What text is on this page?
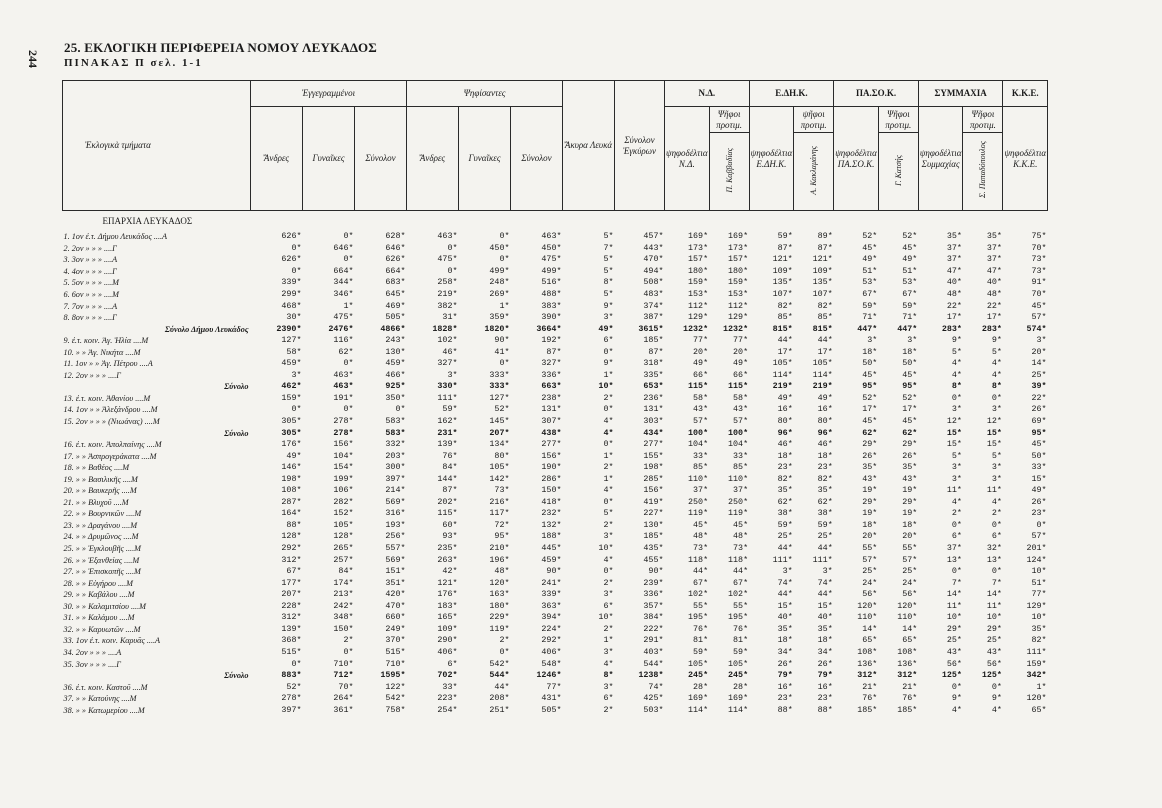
244
25. ΕΚΛΟΓΙΚΗ ΠΕΡΙΦΕΡΕΙΑ ΝΟΜΟΥ ΛΕΥΚΑΔΟΣ
ΠΙΝΑΚΑΣ Π σελ. 1-1
Ἐκλογικὰ τμήματα	Ἐγγεγραμμένοι			Ψηφίσαντες			Ἄκυρα Λευκά	Σύνολον Ἐγκύρων	Ν.Δ.		Ε.ΔΗ.Κ.		ΠΑ.ΣΟ.Κ.		ΣΥΜΜΑΧΙΑ		Κ.Κ.Ε.
	Ἄνδρες	Γυναῖκες	Σύνολον	Ἄνδρες	Γυναῖκες	Σύνολον			ψηφοδέλτια Ν.Δ.	Ψῆφοι προτιμ.	ψηφοδέλτια Ε.ΔΗ.Κ.	ψῆφοι προτιμ.	ψηφοδέλτια ΠΑ.ΣΟ.Κ.	Ψῆφοι προτιμ.	ψηφοδέλτια Συμμαχίας	Ψῆφοι προτιμ.	ψηφοδέλτια Κ.Κ.Ε.
										Π. Καββαδίας		Α. Κακλαμάνης		Γ. Κατσής		Σ. Παπαδόπουλος	
ΕΠΑΡΧΙΑ ΛΕΥΚΑΔΟΣ																	
1. 1ον ἐ.τ. Δήμου Λευκάδος ....Α	626*	0*	628*	463*	0*	463*	5*	457*	169*	169*	59*	89*	52*	52*	35*	35*	75*
2. 2ον » » » ....Γ	0*	646*	646*	0*	450*	450*	7*	443*	173*	173*	87*	87*	45*	45*	37*	37*	70*
3. 3ον » » » ....Α	626*	0*	626*	475*	0*	475*	5*	470*	157*	157*	121*	121*	49*	49*	37*	37*	73*
4. 4ον » » » ....Γ	0*	664*	664*	0*	499*	499*	5*	494*	180*	180*	109*	109*	51*	51*	47*	47*	73*
5. 5ον » » » ....Μ	339*	344*	683*	258*	248*	516*	8*	508*	159*	159*	135*	135*	53*	53*	40*	40*	91*
6. 6ον » » » ....Μ	299*	346*	645*	219*	269*	488*	5*	483*	153*	153*	107*	107*	67*	67*	48*	48*	70*
7. 7ον » » » ....Α	468*	1*	469*	382*	1*	383*	9*	374*	112*	112*	82*	82*	59*	59*	22*	22*	45*
8. 8ον » » » ....Γ	30*	475*	505*	31*	359*	390*	3*	387*	129*	129*	85*	85*	71*	71*	17*	17*	57*
Σύνολο Δήμου Λευκάδος	2390*	2476*	4866*	1828*	1820*	3664*	49*	3615*	1232*	1232*	815*	815*	447*	447*	283*	283*	574*
9. ἐ.τ. κοιν. Ἁγ. Ἠλία ....Μ	127*	116*	243*	102*	90*	192*	6*	185*	77*	77*	44*	44*	3*	3*	9*	9*	3*
10. » » Ἁγ. Νικήτα ....Μ	58*	62*	130*	46*	41*	87*	0*	87*	20*	20*	17*	17*	18*	18*	5*	5*	20*
11. 1ον » » Ἁγ. Πέτρου ....Α	459*	0*	459*	327*	0*	327*	9*	318*	49*	49*	105*	105*	50*	50*	4*	4*	14*
12. 2ον » » » ....Γ	3*	463*	466*	3*	333*	336*	1*	335*	66*	66*	114*	114*	45*	45*	4*	4*	25*
Σύνολο	462*	463*	925*	330*	333*	663*	10*	653*	115*	115*	219*	219*	95*	95*	8*	8*	39*
13. ἐ.τ. κοιν. Ἀθανίου ....Μ	159*	191*	350*	111*	127*	238*	2*	236*	58*	58*	49*	49*	52*	52*	0*	0*	22*
14. 1ον » » Ἀλεξάνδρου ....Μ	0*	0*	0*	59*	52*	131*	0*	131*	43*	43*	16*	16*	17*	17*	3*	3*	26*
15. 2ον » » » (Νιωάνας) ....Μ	305*	278*	583*	162*	145*	307*	4*	303*	57*	57*	80*	80*	45*	45*	12*	12*	69*
Σύνολο	305*	278*	583*	231*	207*	438*	4*	434*	100*	100*	96*	96*	62*	62*	15*	15*	95*
16. ἐ.τ. κοιν. Ἀπολπαίνης ....Μ	176*	156*	332*	139*	134*	277*	0*	277*	104*	104*	46*	46*	29*	29*	15*	15*	45*
17. » » Ἀσπρογεράκατα ....Μ	49*	104*	203*	76*	80*	156*	1*	155*	33*	33*	18*	18*	26*	26*	5*	5*	50*
18. » » Βαθέος ....Μ	146*	154*	300*	84*	105*	190*	2*	198*	85*	85*	23*	23*	35*	35*	3*	3*	33*
19. » » Βασιλικῆς ....Μ	198*	199*	397*	144*	142*	286*	1*	285*	110*	110*	82*	82*	43*	43*	3*	3*	15*
20. » » Βαυκερῆς ....Μ	108*	106*	214*	87*	73*	150*	4*	156*	37*	37*	35*	35*	19*	19*	11*	11*	49*
21. » » Βλυχοῦ ....Μ	287*	282*	569*	202*	216*	418*	0*	419*	250*	250*	62*	62*	29*	29*	4*	4*	26*
22. » » Βουρνικῶν ....Μ	164*	152*	316*	115*	117*	232*	5*	227*	119*	119*	38*	38*	19*	19*	2*	2*	23*
23. » » Δραγάνου ....Μ	88*	105*	193*	60*	72*	132*	2*	130*	45*	45*	59*	59*	18*	18*	0*	0*	0*
24. » » Δρυμῶνος ....Μ	128*	128*	256*	93*	95*	188*	3*	185*	48*	48*	25*	25*	20*	20*	6*	6*	57*
25. » » Ἐγκλουβῆς ....Μ	292*	265*	557*	235*	210*	445*	10*	435*	73*	73*	44*	44*	55*	55*	37*	32*	201*
26. » » Ἐξανθείας ....Μ	312*	257*	569*	263*	196*	459*	4*	455*	118*	118*	111*	111*	57*	57*	13*	13*	124*
27. » » Ἐπισκοπῆς ....Μ	67*	84*	151*	42*	48*	90*	0*	90*	44*	44*	3*	3*	25*	25*	0*	0*	10*
28. » » Εὐγήρου ....Μ	177*	174*	351*	121*	120*	241*	2*	239*	67*	67*	74*	74*	24*	24*	7*	7*	51*
29. » » Καβάλου ....Μ	207*	213*	420*	176*	163*	339*	3*	336*	102*	102*	44*	44*	56*	56*	14*	14*	77*
30. » » Καλαμιτσίου ....Μ	228*	242*	470*	183*	180*	363*	6*	357*	55*	55*	15*	15*	120*	120*	11*	11*	129*
31. » » Καλάμου ....Μ	312*	348*	660*	165*	229*	394*	10*	384*	195*	195*	40*	40*	110*	110*	10*	10*	10*
32. » » Καρυωτῶν ....Μ	139*	150*	249*	109*	119*	224*	2*	222*	76*	76*	35*	35*	14*	14*	29*	29*	35*
33. 1ον ἐ.τ. κοιν. Καρυᾶς ....Α	368*	2*	370*	290*	2*	292*	1*	291*	81*	81*	18*	18*	65*	65*	25*	25*	82*
34. 2ον » » » ....Α	515*	0*	515*	406*	0*	406*	3*	403*	59*	59*	34*	34*	108*	108*	43*	43*	111*
35. 3ον » » » ....Γ	0*	710*	710*	6*	542*	548*	4*	544*	105*	105*	26*	26*	136*	136*	56*	56*	159*
Σύνολο	883*	712*	1595*	702*	544*	1246*	8*	1238*	245*	245*	79*	79*	312*	312*	125*	125*	342*
36. ἐ.τ. κοιν. Καστοῦ ....Μ	52*	70*	122*	33*	44*	77*	3*	74*	28*	28*	16*	16*	21*	21*	0*	0*	1*
37. » » Κατούνης ....Μ	278*	264*	542*	223*	208*	431*	6*	425*	169*	169*	23*	23*	76*	76*	9*	9*	120*
38. » » Κατωμερίου ....Μ	397*	361*	758*	254*	251*	505*	2*	503*	114*	114*	88*	88*	185*	185*	4*	4*	65*
